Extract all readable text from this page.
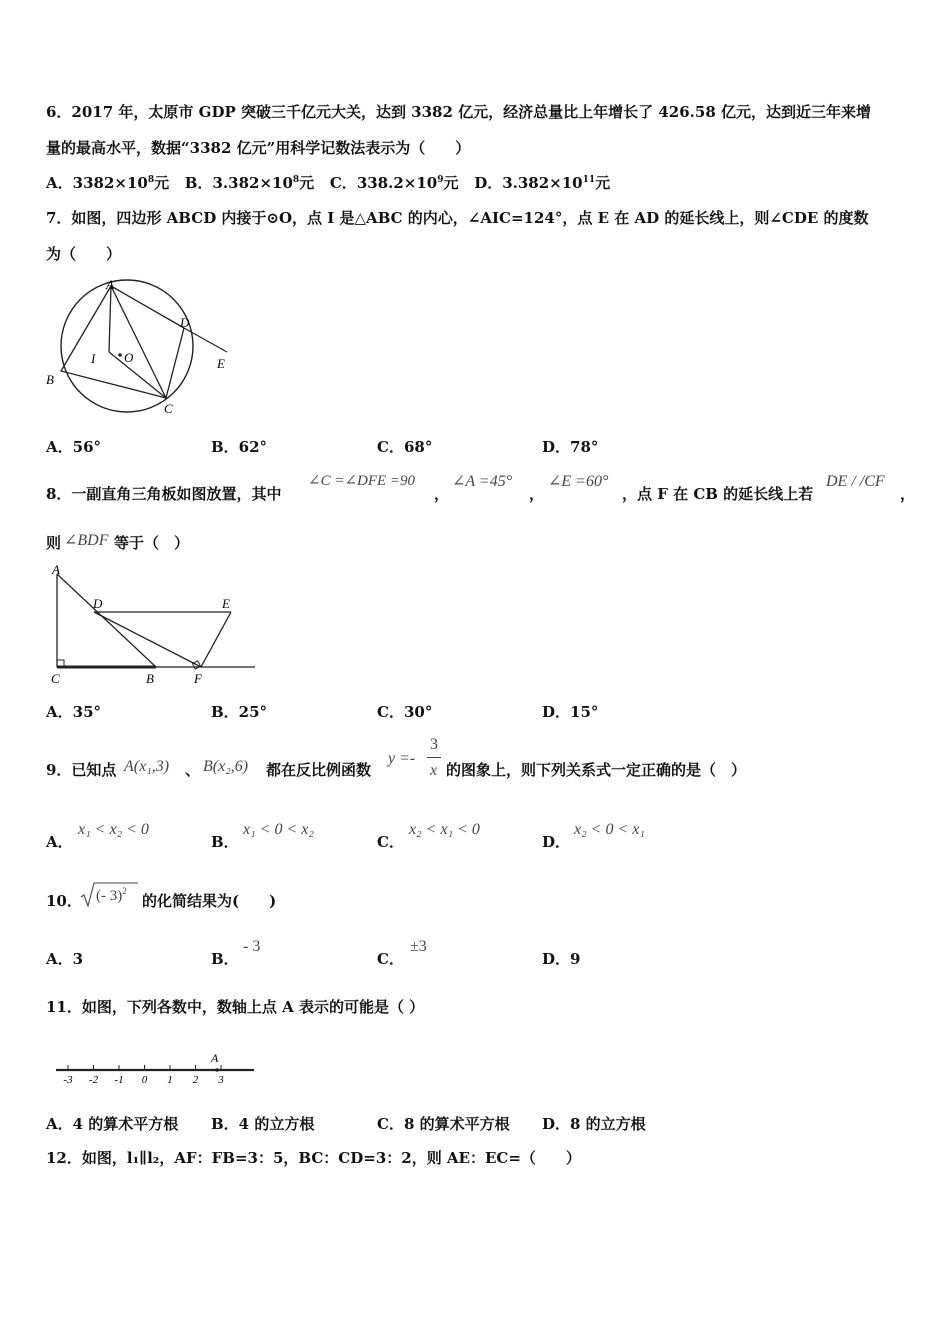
6．2017 年，太原市 GDP 突破三千亿元大关，达到 3382 亿元，经济总量比上年增长了 426.58 亿元，达到近三年来增
量的最高水平，数据“3382 亿元”用科学记数法表示为（　　）
A．$3382\times 10^8$元 B．$3.382\times 10^8$元 C．$338.2\times 10^9$元 D．$3.382\times 10^{11}$元
7．如图，四边形 ABCD 内接于⊙O，点 I 是△ABC 的内心，∠AIC=124°，点 E 在 AD 的延长线上，则∠CDE 的度数
为（　　）
A
B
C
D
E
I O
A．56°	B．62°	C．68°	D．78°
8．一副直角三角板如图放置，其中
∠C =∠DFE =90
，
∠A =45°
，
∠E =60°
，点 F 在 CB 的延长线上若
DE / /CF
，
则 ∠BDF 等于（　）
A
D	E
C	B	F
A．35°	B．25°	C．30°	D．15°
9．已知点 A(x₁,3) 、 B(x₂,6) 都在反比例函数
y =-
3
x 的图象上，则下列关系式一定正确的是（　）
A．
x₁ < x₂ < 0
B．
x₁ < 0 < x₂
C．
x₂ < x₁ < 0
D．
x₂ < 0 < x₁
10． (- 3)$^2$
的化简结果为(　　)
A．3	B．
- 3
C．
±3
D．9
11．如图，下列各数中，数轴上点 A 表示的可能是（ ）
-3 -2 -1 0 1 2 3
A
A．4 的算术平方根 B．4 的立方根	C．8 的算术平方根 D．8 的立方根
12．如图，l₁∥l₂，AF：FB=3：5，BC：CD=3：2，则 AE：EC=（　　）
